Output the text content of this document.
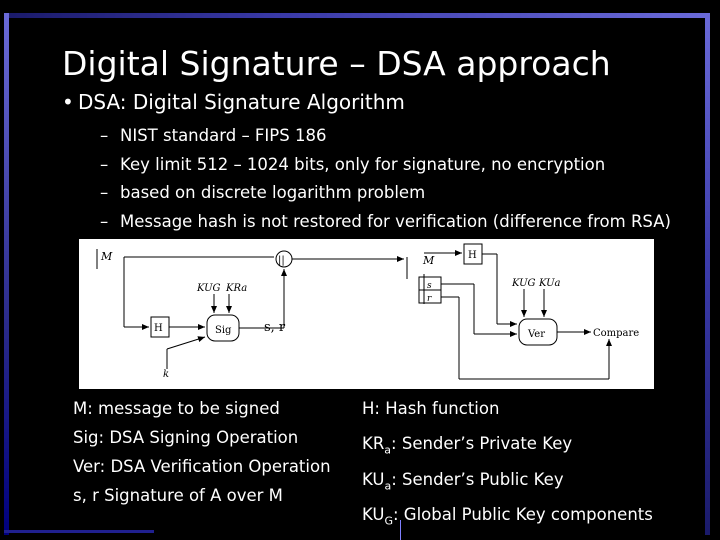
Digital Signature – DSA approach
• DSA: Digital Signature Algorithm
– NIST standard – FIPS 186
– Key limit 512 – 1024 bits, only for signature, no encryption
– based on discrete logarithm problem
– Message hash is not restored for verification (difference from RSA)
M
H
||
KUG KRa
Sig
k
s, r
M	H
s
r
KUG KUa
Ver	Compare
M: message to be signed
Sig: DSA Signing Operation
Ver: DSA Verification Operation
s, r Signature of A over M
H: Hash function
$KR_a$: Sender’s Private Key
$KU_a$: Sender’s Public Key
$KU_G$: Global Public Key components
